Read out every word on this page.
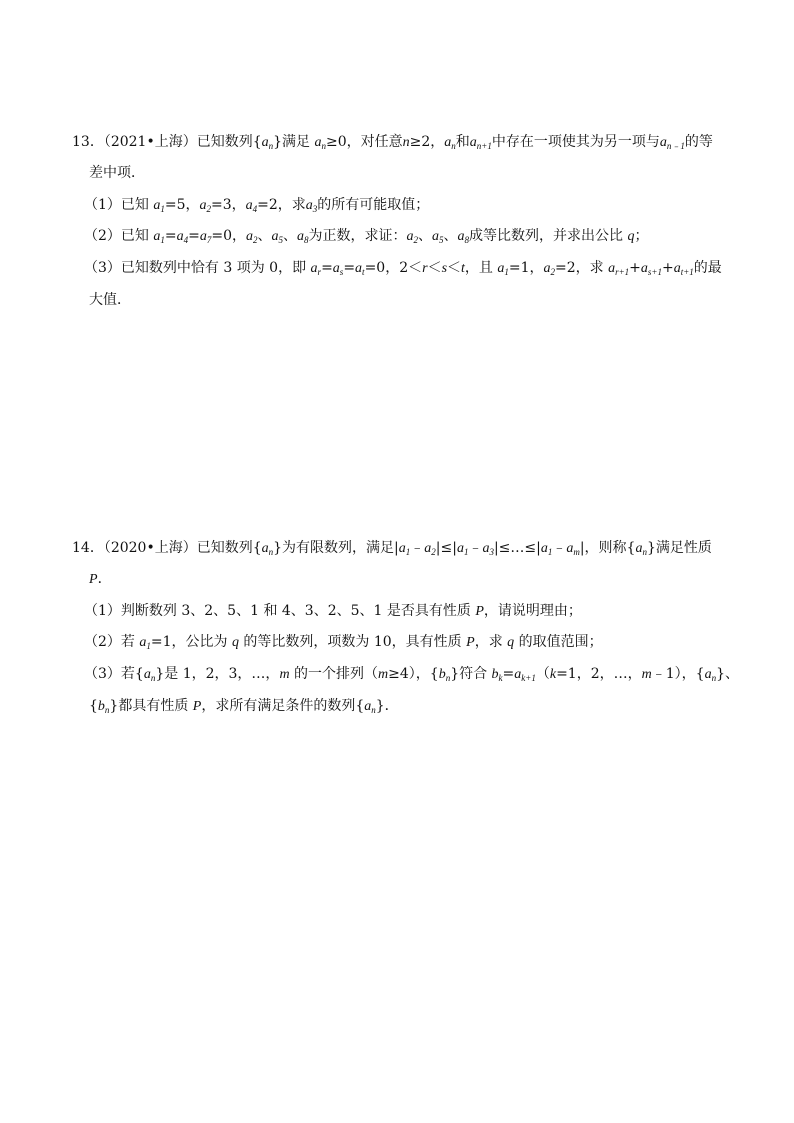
13．（2021•上海）已知数列$\{a_n\}$满足 $a_n\ge 0$，对任意n≥2，$a_n$和$a_{n+1}$中存在一项使其为另一项与$a_{n﹣1}$的等
差中项．
（1）已知 $a_1=5$，$a_2=3$，$a_4=2$，求$a_3$的所有可能取值；
（2）已知 $a_1=a_4=a_7=0$，$a_2$、$a_5$、$a_8$为正数，求证：$a_2$、$a_5$、$a_8$成等比数列，并求出公比 q；
（3）已知数列中恰有 3 项为 0，即 $a_r=a_s=a_t=0$，2＜r＜s＜t，且 $a_1=1$，$a_2=2$，求 $a_{r+1}+a_{s+1}+a_{t+1}$的最
大值．
14．（2020•上海）已知数列$\{a_n\}$为有限数列，满足$|a_1﹣a_2|\le|a_1﹣a_3|\le\dots\le|a_1﹣a_m|$，则称$\{a_n\}$满足性质
P．
（1）判断数列 3、2、5、1 和 4、3、2、5、1 是否具有性质 P，请说明理由；
（2）若 $a_1=1$，公比为 q 的等比数列，项数为 10，具有性质 P，求 q 的取值范围；
（3）若$\{a_n\}$是 1，2，3，…，m 的一个排列（m≥4），$\{b_n\}$符合 $b_k=a_{k+1}(k=1$，2，…，m﹣1），$\{a_n\}$、
$\{b_n\}$都具有性质 P，求所有满足条件的数列$\{a_n\}$．
